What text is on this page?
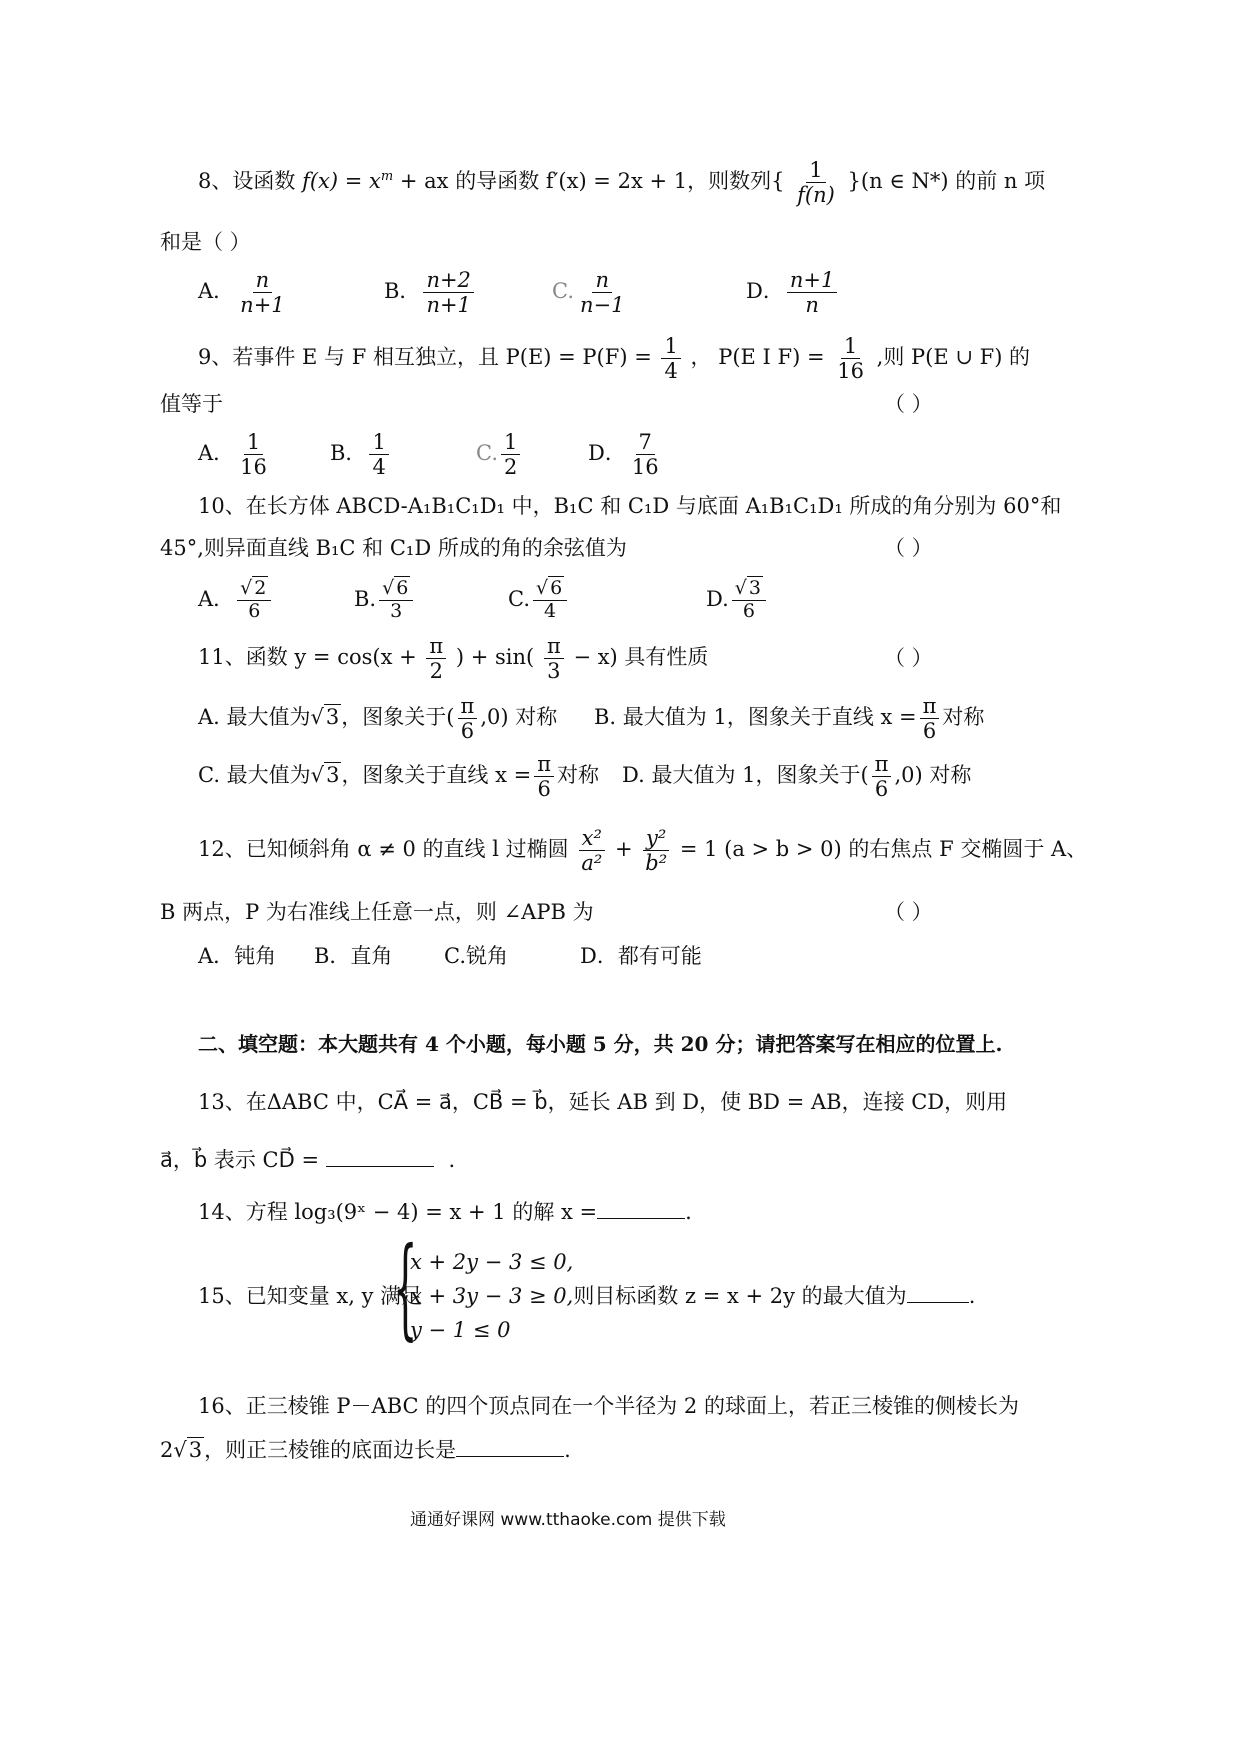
8、设函数 $f(x) = x^m$ + ax 的导函数 f′(x) = 2x + 1，则数列{ $\frac{1}{f(n)} \}(n$ ∈ N*) 的前 n 项
和是（ ）
A． $\frac{n}{n+1}$	B． $\frac{n+2}{n+1}$	C. $\frac{n}{n-1}$	D． $\frac{n+1}{n}$
9、若事件 E 与 F 相互独立，且 $P(E) = P(F) = \frac{1}{4}$ ， P(E I $F) = \frac{1}{16}$ ,则 P(E ∪ F) 的
值等于	（ ）
A． $\frac{1}{16}$	B． $\frac{1}{4}$	C. $\frac{1}{2}$	D． $\frac{7}{16}$
10、在长方体 ABCD-A₁B₁C₁D₁ 中，B₁C 和 C₁D 与底面 A₁B₁C₁D₁ 所成的角分别为 60°和
45°,则异面直线 B₁C 和 C₁D 所成的角的余弦值为	（ ）
A． $\frac{√ 2}{6}$	B. $\frac{√ 6}{3}$	C. $\frac{√ 6}{4}$	D. $\frac{√ 3}{6}$
11、函数 $y = \cos(x + \frac{\pi}{2}$ ) + $\sin( \frac{\pi}{3} - x)$ 具有性质	（ ）
A. 最大值为√3，图象关于( $\frac{\pi}{6} ,0$) 对称 B. 最大值为 1，图象关于直线 $x = \frac{\pi}{6}$ 对称
C. 最大值为√3，图象关于直线 $x = \frac{\pi}{6}$ 对称 D. 最大值为 1，图象关于( $\frac{\pi}{6} ,0$) 对称
12、已知倾斜角 α ≠ 0 的直线 l 过椭圆 $\frac{\text{x²}}{\text{a²}} + \frac{\text{y²}}{\text{b²}} = 1$ (a > b > 0) 的右焦点 F 交椭圆于 A、
B 两点，P 为右准线上任意一点，则 ∠APB 为	（ ）
A．钝角 B．直角 C.锐角	D．都有可能
二、填空题：本大题共有 4 个小题，每小题 5 分，共 20 分；请把答案写在相应的位置上.
13、在ΔABC 中，CA⃗ = a⃗，CB⃗ = b⃗，延长 AB 到 D，使 BD = AB，连接 CD，则用
a⃗，b⃗ 表示 CD⃗ =	.
14、方程 log₃(9ˣ − 4) = x + 1 的解 x =	.
15、已知变量 x, y 满足
{
x + 2y − 3 ≤ 0,
x + 3y − 3 ≥ 0,则目标函数 z = x + 2y 的最大值为	.
y − 1 ≤ 0
16、正三棱锥 P－ABC 的四个顶点同在一个半径为 2 的球面上，若正三棱锥的侧棱长为
2√3，则正三棱锥的底面边长是	.
通通好课网 www.tthaoke.com 提供下载
